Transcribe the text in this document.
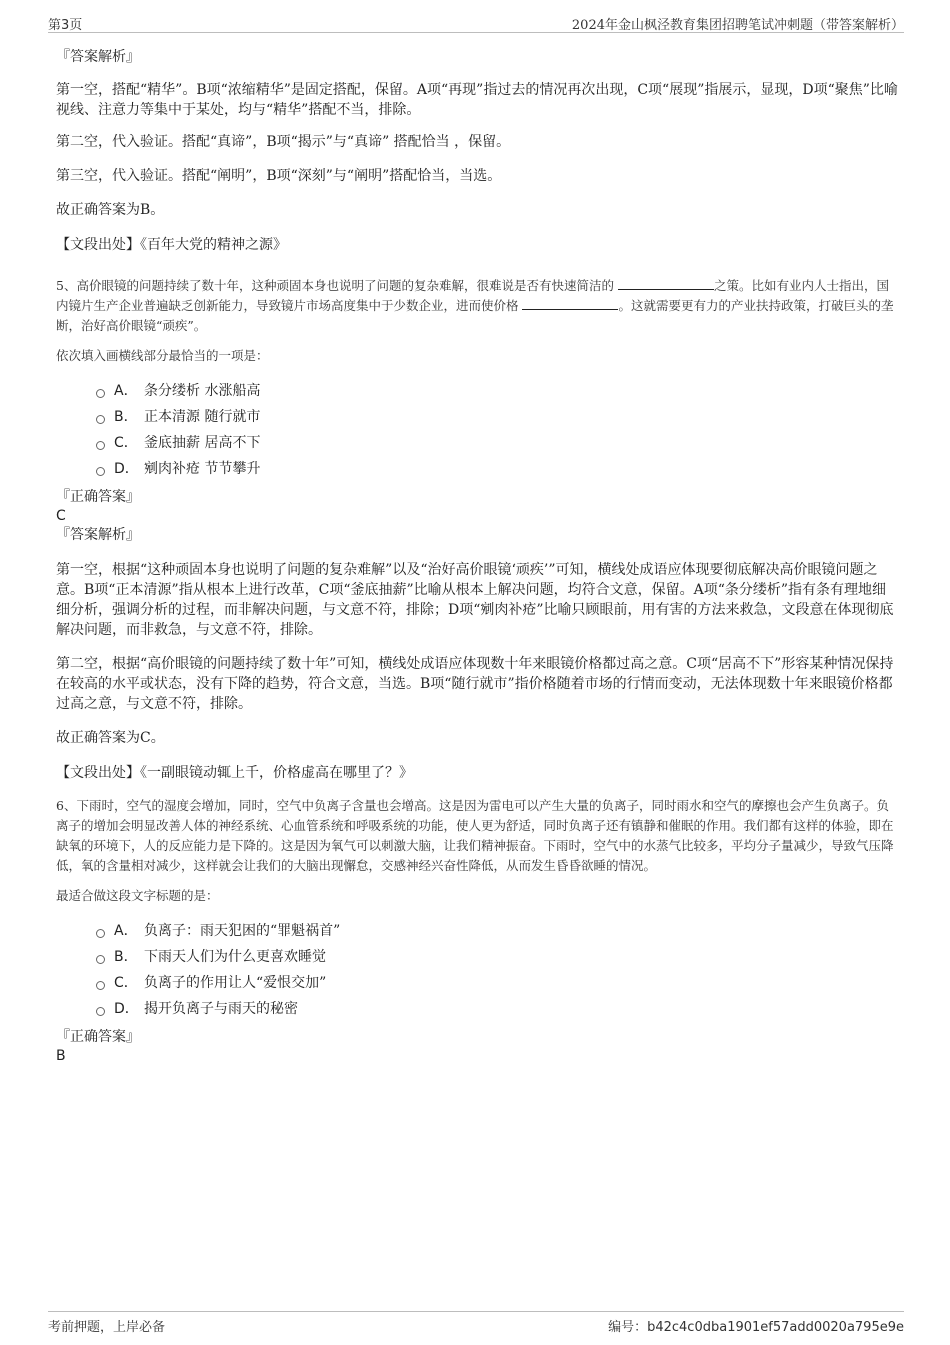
第3页	2024年金山枫泾教育集团招聘笔试冲刺题（带答案解析）

『答案解析』

第一空，搭配“精华”。B项“浓缩精华”是固定搭配，保留。A项“再现”指过去的情况再次出现，C项“展现”指展示，显现，D项“聚焦”比喻视线、注意力等集中于某处，均与“精华”搭配不当，排除。

第二空，代入验证。搭配“真谛”，B项“揭示”与“真谛” 搭配恰当 ，保留。

第三空，代入验证。搭配“阐明”，B项“深刻”与“阐明”搭配恰当，当选。

故正确答案为B。

【文段出处】《百年大党的精神之源》

5、高价眼镜的问题持续了数十年，这种顽固本身也说明了问题的复杂难解，很难说是否有快速简洁的	之策。比如有业内人士指出，国内镜片生产企业普遍缺乏创新能力，导致镜片市场高度集中于少数企业，进而使价格	。这就需要更有力的产业扶持政策，打破巨头的垄断，治好高价眼镜“顽疾”。

依次填入画横线部分最恰当的一项是：

A． 条分缕析 水涨船高
B． 正本清源 随行就市
C． 釜底抽薪 居高不下
D． 剜肉补疮 节节攀升

『正确答案』

C

『答案解析』

第一空，根据“这种顽固本身也说明了问题的复杂难解”以及“治好高价眼镜‘顽疾’”可知，横线处成语应体现要彻底解决高价眼镜问题之意。B项“正本清源”指从根本上进行改革，C项“釜底抽薪”比喻从根本上解决问题，均符合文意，保留。A项“条分缕析”指有条有理地细细分析，强调分析的过程，而非解决问题，与文意不符，排除；D项“剜肉补疮”比喻只顾眼前，用有害的方法来救急，文段意在体现彻底解决问题，而非救急，与文意不符，排除。

第二空，根据“高价眼镜的问题持续了数十年”可知，横线处成语应体现数十年来眼镜价格都过高之意。C项“居高不下”形容某种情况保持在较高的水平或状态，没有下降的趋势，符合文意，当选。B项“随行就市”指价格随着市场的行情而变动，无法体现数十年来眼镜价格都过高之意，与文意不符，排除。

故正确答案为C。

【文段出处】《一副眼镜动辄上千，价格虚高在哪里了？》

6、下雨时，空气的湿度会增加，同时，空气中负离子含量也会增高。这是因为雷电可以产生大量的负离子，同时雨水和空气的摩擦也会产生负离子。负离子的增加会明显改善人体的神经系统、心血管系统和呼吸系统的功能，使人更为舒适，同时负离子还有镇静和催眠的作用。我们都有这样的体验，即在缺氧的环境下，人的反应能力是下降的。这是因为氧气可以刺激大脑，让我们精神振奋。下雨时，空气中的水蒸气比较多，平均分子量减少，导致气压降低，氧的含量相对减少，这样就会让我们的大脑出现懈怠，交感神经兴奋性降低，从而发生昏昏欲睡的情况。

最适合做这段文字标题的是：

A． 负离子：雨天犯困的“罪魁祸首”
B． 下雨天人们为什么更喜欢睡觉
C． 负离子的作用让人“爱恨交加”
D． 揭开负离子与雨天的秘密

『正确答案』

B

考前押题，上岸必备	编号：b42c4c0dba1901ef57add0020a795e9e
